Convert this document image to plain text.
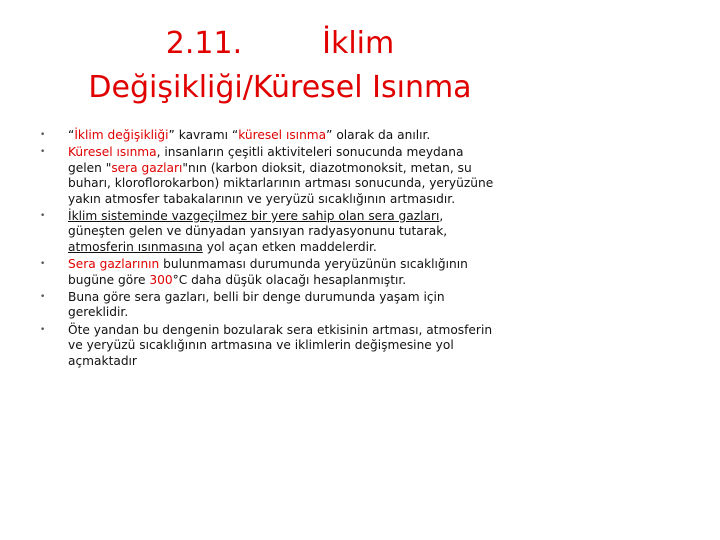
2.11.	İklim
Değişikliği/Küresel Isınma
• “İklim değişikliği” kavramı “küresel ısınma” olarak da anılır.
• Küresel ısınma, insanların çeşitli aktiviteleri sonucunda meydana gelen "sera gazları"nın (karbon dioksit, diazotmonoksit, metan, su buharı, kloroflorokarbon) miktarlarının artması sonucunda, yeryüzüne yakın atmosfer tabakalarının ve yeryüzü sıcaklığının artmasıdır.
• İklim sisteminde vazgeçilmez bir yere sahip olan sera gazları, güneşten gelen ve dünyadan yansıyan radyasyonunu tutarak, atmosferin ısınmasına yol açan etken maddelerdir.
• Sera gazlarının bulunmaması durumunda yeryüzünün sıcaklığının bugüne göre 300°C daha düşük olacağı hesaplanmıştır.
• Buna göre sera gazları, belli bir denge durumunda yaşam için gereklidir.
• Öte yandan bu dengenin bozularak sera etkisinin artması, atmosferin ve yeryüzü sıcaklığının artmasına ve iklimlerin değişmesine yol açmaktadır
